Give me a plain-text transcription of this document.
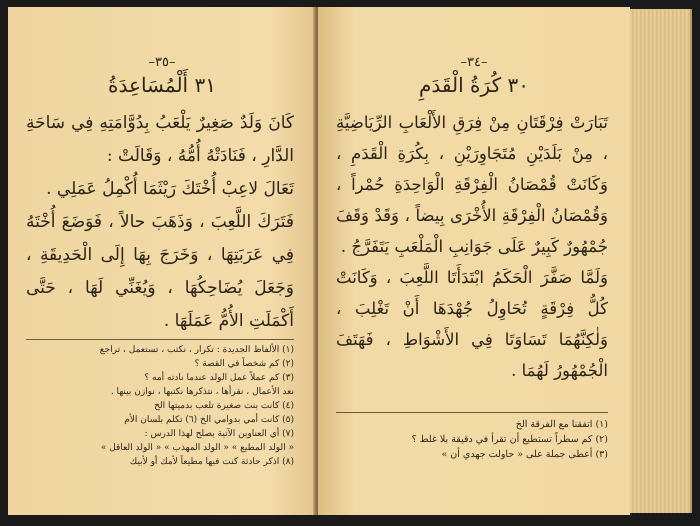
–٣٥–
٣١ أَلْمُسَاعِدَةُ

كَانَ وَلَدٌ صَغِيرٌ يَلْعَبُ بِدُوَّامَتِهِ فِي سَاحَةِ الدَّارِ ، فَنَادَتْهُ أُمُّهُ ، وَقَالَتْ :

تَعَالَ لاعِبْ أُخْتَكَ رَيْثَمَا أُكْمِلُ عَمَلِي .

فَتَرَكَ اللَّعِبَ ، وَذَهَبَ حالاً ، فَوَضَعَ أُخْتَهُ فِي عَرَبَتِهَا ، وَخَرَجَ بِهَا إِلَى الْحَدِيقَةِ ، وَجَعَلَ يُضَاحِكُهَا ، وَيُغَنِّي لَهَا ، حَتَّى أَكْمَلَتِ الأُمُّ عَمَلَهَا .

(١) الألفاظ الجديدة : تكرار ، نكتب ، تستعمل ، تراجع
(٢) كم شخصاً في القصة ؟
(٣) كم عملاً عمل الولد عندما نادته أمه ؟
نعد الأعمال ، نقرأها ، نتذكرها نكتبها ، نوازن بينها .
(٤) كانت بنت صغيرة تلعب بدميتها الخ
(٥) كانت أمي بدوامي الخ (٦) تكلم بلسان الأم
(٧) أي العناوين الآتية يصلح لهذا الدرس :
« الولد المطيع » « الولد المهذب » « الولد العاقل »
(٨) اذكر حادثة كنت فيها مطيعاً لأمك أو لأبيك
–٣٤–
٣٠ كُرَةُ الْقَدَمِ

تَبَارَتْ فِرْقَتَانِ مِنْ فِرَقِ الأَلْعَابِ الرِّيَاضِيَّةِ ، مِنْ بَلَدَيْنِ مُتَجَاوِرَيْنِ ، بِكُرَةِ الْقَدَمِ ، وَكَانَتْ قُمْصَانُ الْفِرْقَةِ الْوَاحِدَةِ حُمْراً ، وَقُمْصَانُ الْفِرْقَةِ الأُخْرَى بِيضاً ، وَقَدْ وَقَفَ جُمْهُورٌ كَبِيرٌ عَلَى جَوَانِبِ الْمَلْعَبِ يَتَفَرَّجُ .

وَلَمَّا صَفَّرَ الْحَكَمُ ابْتَدَأَتَا اللَّعِبَ ، وَكَانَتْ كُلُّ فِرْقَةٍ تُحَاوِلُ جُهْدَهَا أَنْ تَغْلِبَ ، وَلٰكِنَّهُمَا تَسَاوَتَا فِي الأَشْوَاطِ ، فَهَتَفَ الْجُمْهُورُ لَهُمَا .

(١) اتفقنا مع الفرقة الخ
(٢) كم سطراً تستطيع أن تقرأ في دقيقة بلا غلط ؟
(٣) أعطى جملة على « حاولت جهدي أن »
